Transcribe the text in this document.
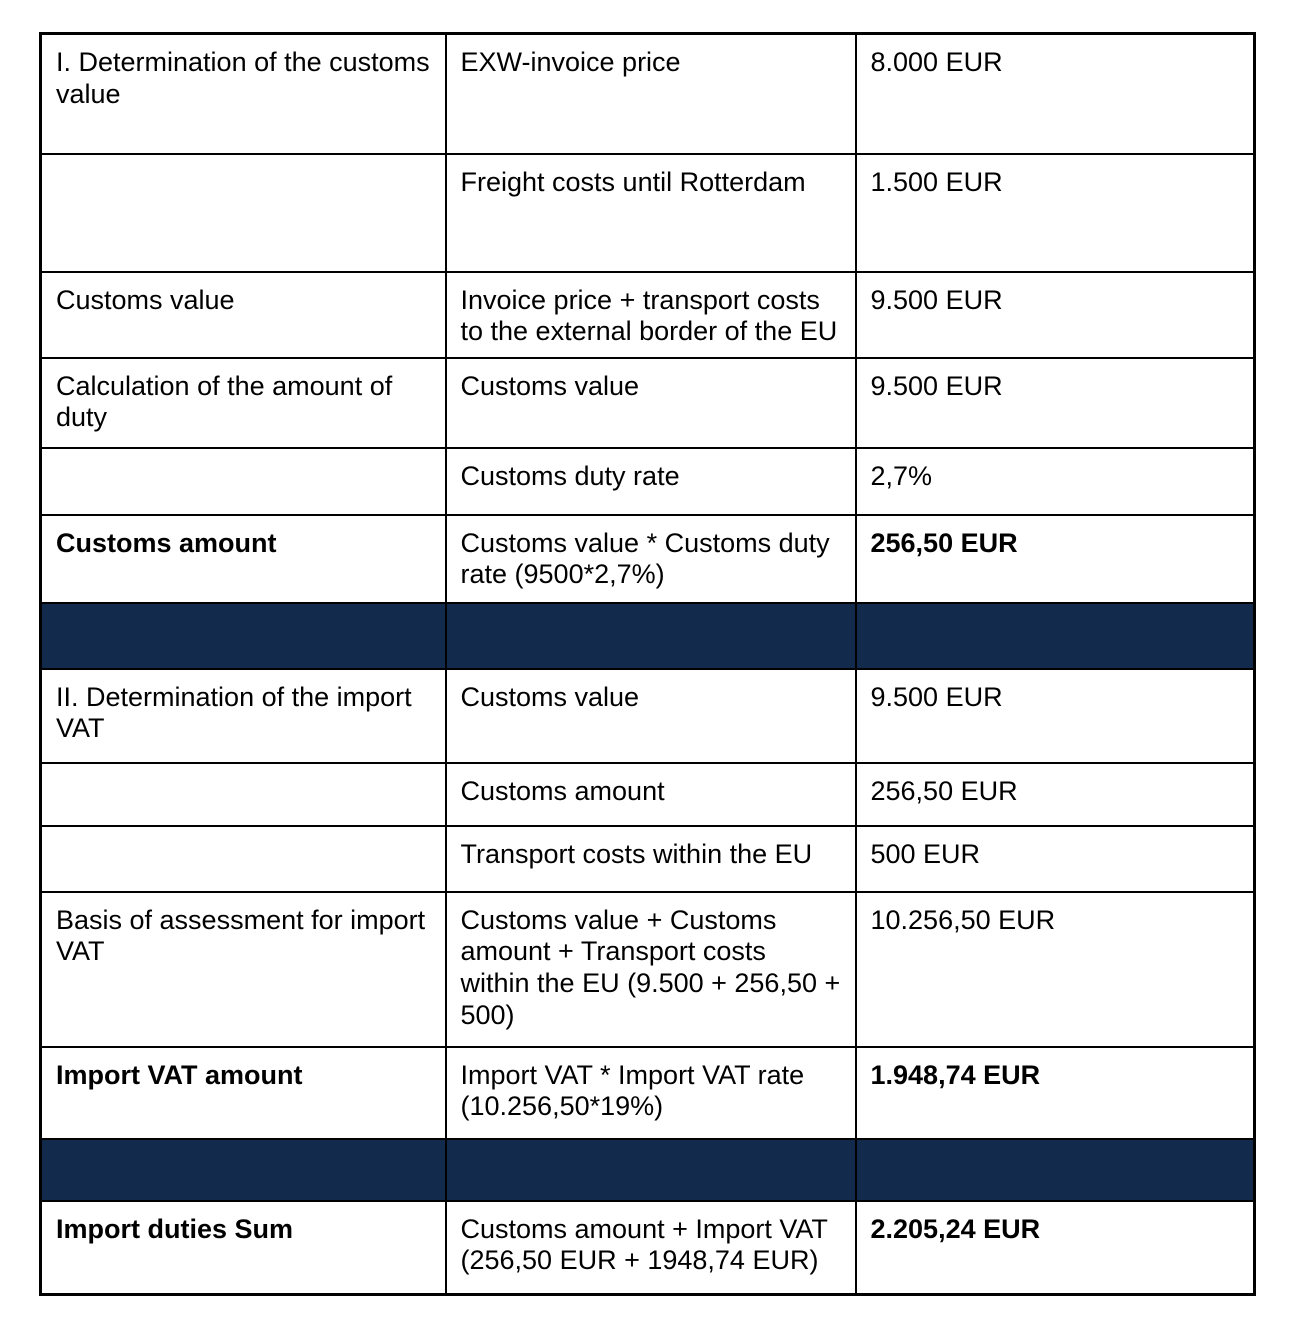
I. Determination of the customs value	EXW-invoice price	8.000 EUR
	Freight costs until Rotterdam	1.500 EUR
Customs value	Invoice price + transport costs to the external border of the EU	9.500 EUR
Calculation of the amount of duty	Customs value	9.500 EUR
	Customs duty rate	2,7%
Customs amount	Customs value * Customs duty rate (9500*2,7%)	256,50 EUR

II. Determination of the import VAT	Customs value	9.500 EUR
	Customs amount	256,50 EUR
	Transport costs within the EU	500 EUR
Basis of assessment for import VAT	Customs value + Customs amount + Transport costs within the EU (9.500 + 256,50 + 500)	10.256,50 EUR
Import VAT amount	Import VAT * Import VAT rate (10.256,50*19%)	1.948,74 EUR

Import duties Sum	Customs amount + Import VAT (256,50 EUR + 1948,74 EUR)	2.205,24 EUR
